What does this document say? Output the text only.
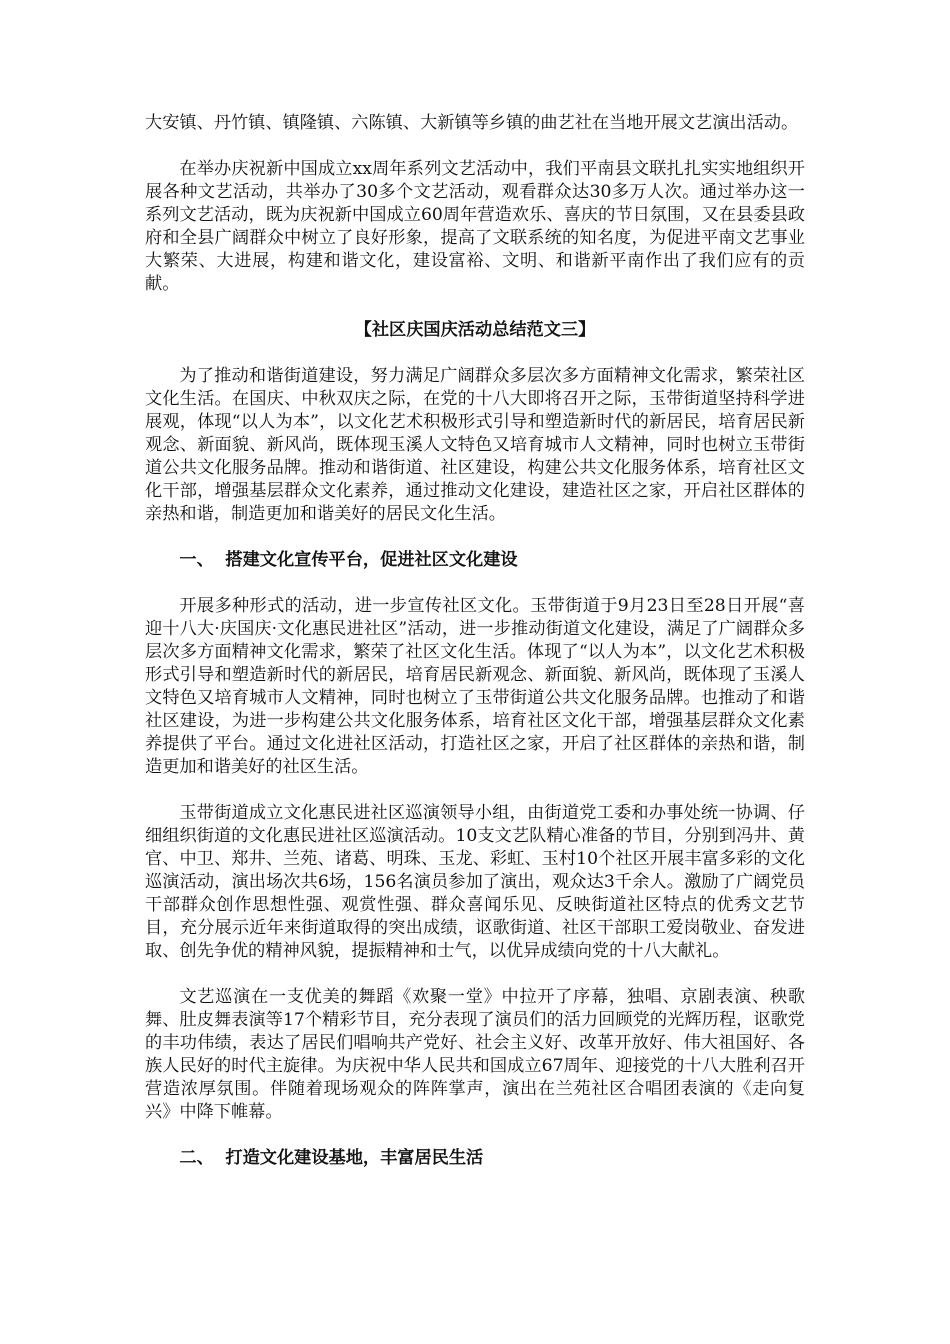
大安镇、丹竹镇、镇隆镇、六陈镇、大新镇等乡镇的曲艺社在当地开展文艺演出活动。

在举办庆祝新中国成立xx周年系列文艺活动中，我们平南县文联扎扎实实地组织开展各种文艺活动，共举办了30多个文艺活动，观看群众达30多万人次。通过举办这一系列文艺活动，既为庆祝新中国成立60周年营造欢乐、喜庆的节日氛围，又在县委县政府和全县广阔群众中树立了良好形象，提高了文联系统的知名度，为促进平南文艺事业大繁荣、大进展，构建和谐文化，建设富裕、文明、和谐新平南作出了我们应有的贡献。

【社区庆国庆活动总结范文三】

为了推动和谐街道建设，努力满足广阔群众多层次多方面精神文化需求，繁荣社区文化生活。在国庆、中秋双庆之际，在党的十八大即将召开之际，玉带街道坚持科学进展观，体现“以人为本”，以文化艺术积极形式引导和塑造新时代的新居民，培育居民新观念、新面貌、新风尚，既体现玉溪人文特色又培育城市人文精神，同时也树立玉带街道公共文化服务品牌。推动和谐街道、社区建设，构建公共文化服务体系，培育社区文化干部，增强基层群众文化素养，通过推动文化建设，建造社区之家，开启社区群体的亲热和谐，制造更加和谐美好的居民文化生活。

一、 搭建文化宣传平台，促进社区文化建设

开展多种形式的活动，进一步宣传社区文化。玉带街道于9月23日至28日开展“喜迎十八大·庆国庆·文化惠民进社区”活动，进一步推动街道文化建设，满足了广阔群众多层次多方面精神文化需求，繁荣了社区文化生活。体现了“以人为本”，以文化艺术积极形式引导和塑造新时代的新居民，培育居民新观念、新面貌、新风尚，既体现了玉溪人文特色又培育城市人文精神，同时也树立了玉带街道公共文化服务品牌。也推动了和谐社区建设，为进一步构建公共文化服务体系，培育社区文化干部，增强基层群众文化素养提供了平台。通过文化进社区活动，打造社区之家，开启了社区群体的亲热和谐，制造更加和谐美好的社区生活。

玉带街道成立文化惠民进社区巡演领导小组，由街道党工委和办事处统一协调、仔细组织街道的文化惠民进社区巡演活动。10支文艺队精心准备的节目，分别到冯井、黄官、中卫、郑井、兰苑、诸葛、明珠、玉龙、彩虹、玉村10个社区开展丰富多彩的文化巡演活动，演出场次共6场，156名演员参加了演出，观众达3千余人。激励了广阔党员干部群众创作思想性强、观赏性强、群众喜闻乐见、反映街道社区特点的优秀文艺节目，充分展示近年来街道取得的突出成绩，讴歌街道、社区干部职工爱岗敬业、奋发进取、创先争优的精神风貌，提振精神和士气，以优异成绩向党的十八大献礼。

文艺巡演在一支优美的舞蹈《欢聚一堂》中拉开了序幕，独唱、京剧表演、秧歌舞、肚皮舞表演等17个精彩节目，充分表现了演员们的活力回顾党的光辉历程，讴歌党的丰功伟绩，表达了居民们唱响共产党好、社会主义好、改革开放好、伟大祖国好、各族人民好的时代主旋律。为庆祝中华人民共和国成立67周年、迎接党的十八大胜利召开营造浓厚氛围。伴随着现场观众的阵阵掌声，演出在兰苑社区合唱团表演的《走向复兴》中降下帷幕。

二、 打造文化建设基地，丰富居民生活
